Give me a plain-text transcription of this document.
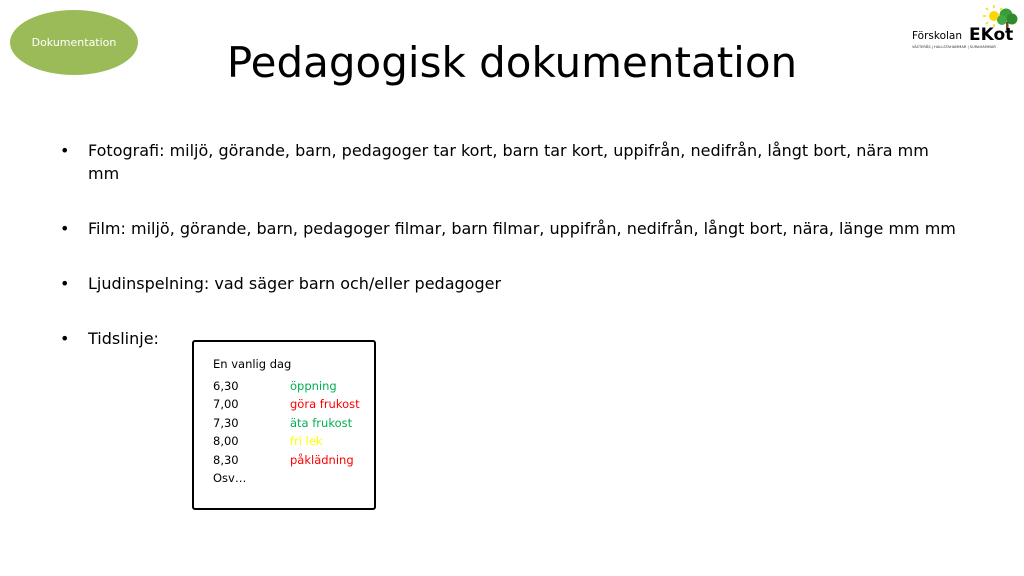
Dokumentation	Förskolan EKot
VÄSTERÅS | HALLSTAHAMMAR | SURAHAMMAR
Pedagogisk dokumentation
• Fotografi: miljö, görande, barn, pedagoger tar kort, barn tar kort, uppifrån, nedifrån, långt bort, nära mm mm
• Film: miljö, görande, barn, pedagoger filmar, barn filmar, uppifrån, nedifrån, långt bort, nära, länge mm mm
• Ljudinspelning: vad säger barn och/eller pedagoger
• Tidslinje:
En vanlig dag
6,30	öppning
7,00	göra frukost
7,30	äta frukost
8,00	fri lek
8,30	påklädning
Osv…
